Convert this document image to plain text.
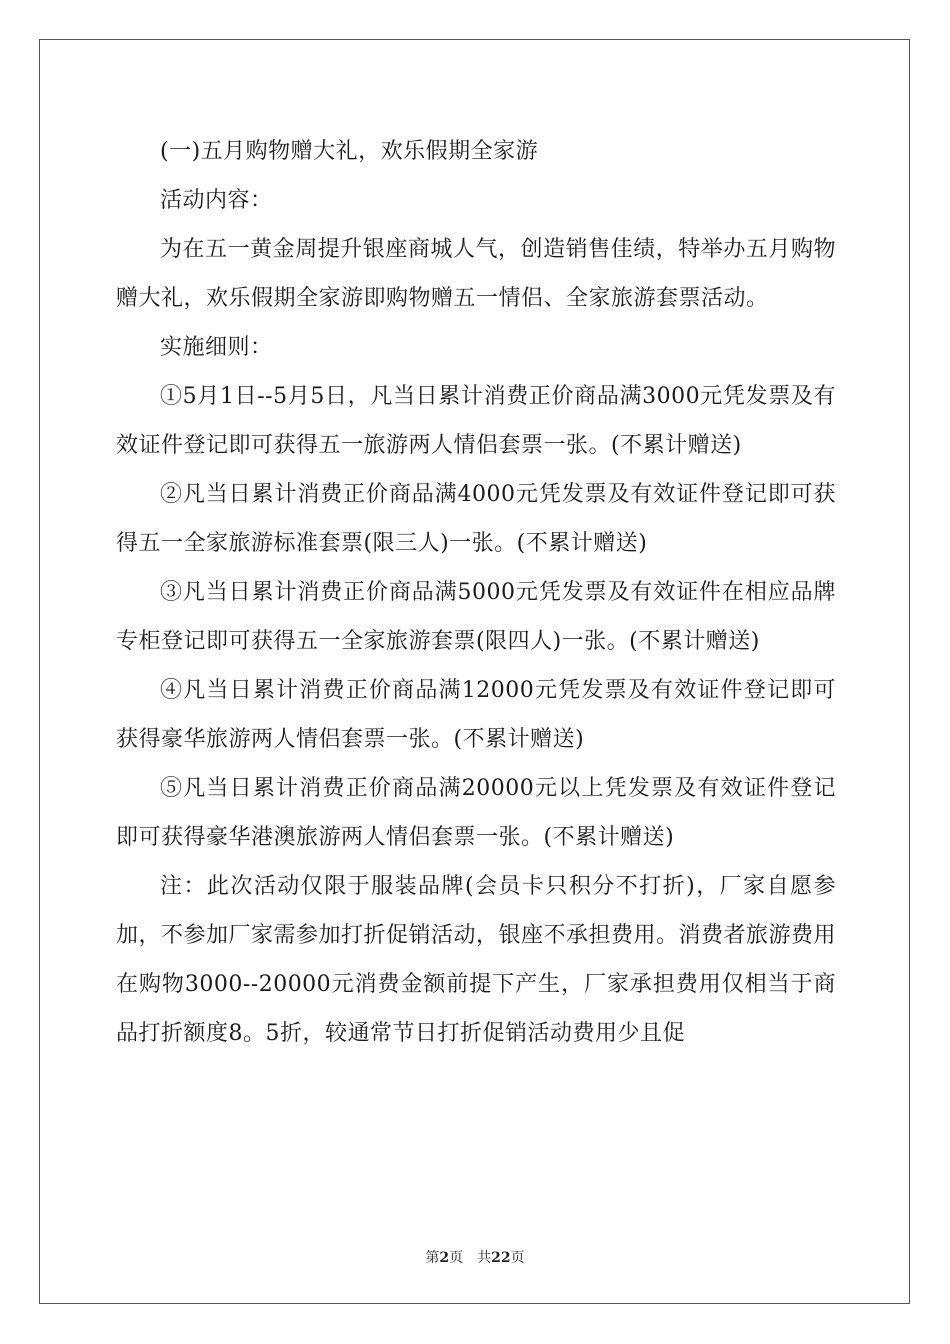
(一)五月购物赠大礼，欢乐假期全家游

活动内容：

为在五一黄金周提升银座商城人气，创造销售佳绩，特举办五月购物赠大礼，欢乐假期全家游即购物赠五一情侣、全家旅游套票活动。

实施细则：

①5月1日--5月5日，凡当日累计消费正价商品满3000元凭发票及有效证件登记即可获得五一旅游两人情侣套票一张。(不累计赠送)

②凡当日累计消费正价商品满4000元凭发票及有效证件登记即可获得五一全家旅游标准套票(限三人)一张。(不累计赠送)

③凡当日累计消费正价商品满5000元凭发票及有效证件在相应品牌专柜登记即可获得五一全家旅游套票(限四人)一张。(不累计赠送)

④凡当日累计消费正价商品满12000元凭发票及有效证件登记即可获得豪华旅游两人情侣套票一张。(不累计赠送)

⑤凡当日累计消费正价商品满20000元以上凭发票及有效证件登记即可获得豪华港澳旅游两人情侣套票一张。(不累计赠送)

注：此次活动仅限于服装品牌(会员卡只积分不打折)，厂家自愿参加，不参加厂家需参加打折促销活动，银座不承担费用。消费者旅游费用在购物3000--20000元消费金额前提下产生，厂家承担费用仅相当于商品打折额度8。5折，较通常节日打折促销活动费用少且促

第2页 共22页
